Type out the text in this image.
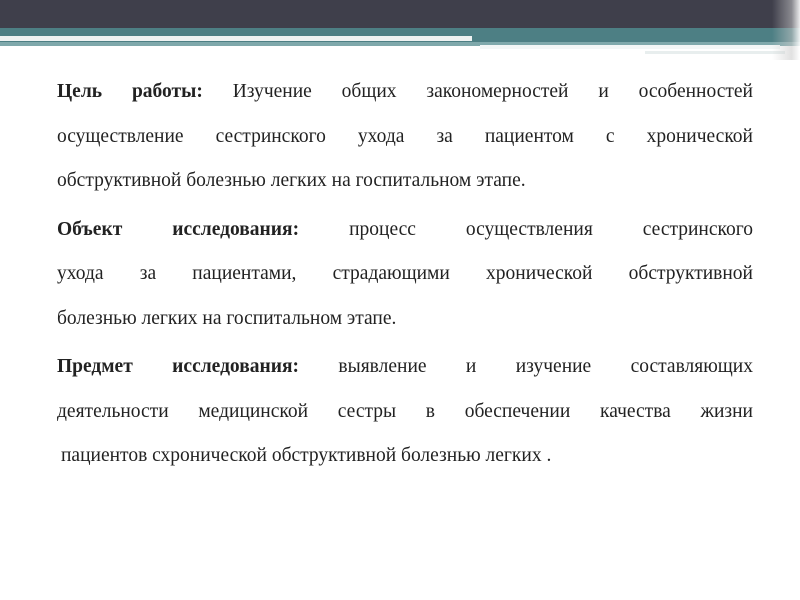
Цель работы: Изучение общих закономерностей и особенностей
осуществление сестринского ухода за пациентом с хронической
обструктивной болезнью легких на госпитальном этапе.

Объект исследования: процесс осуществления сестринского
ухода за пациентами, страдающими хронической обструктивной
болезнью легких на госпитальном этапе.

Предмет исследования: выявление и изучение составляющих
деятельности медицинской сестры в обеспечении качества жизни
пациентов схронической обструктивной болезнью легких .
